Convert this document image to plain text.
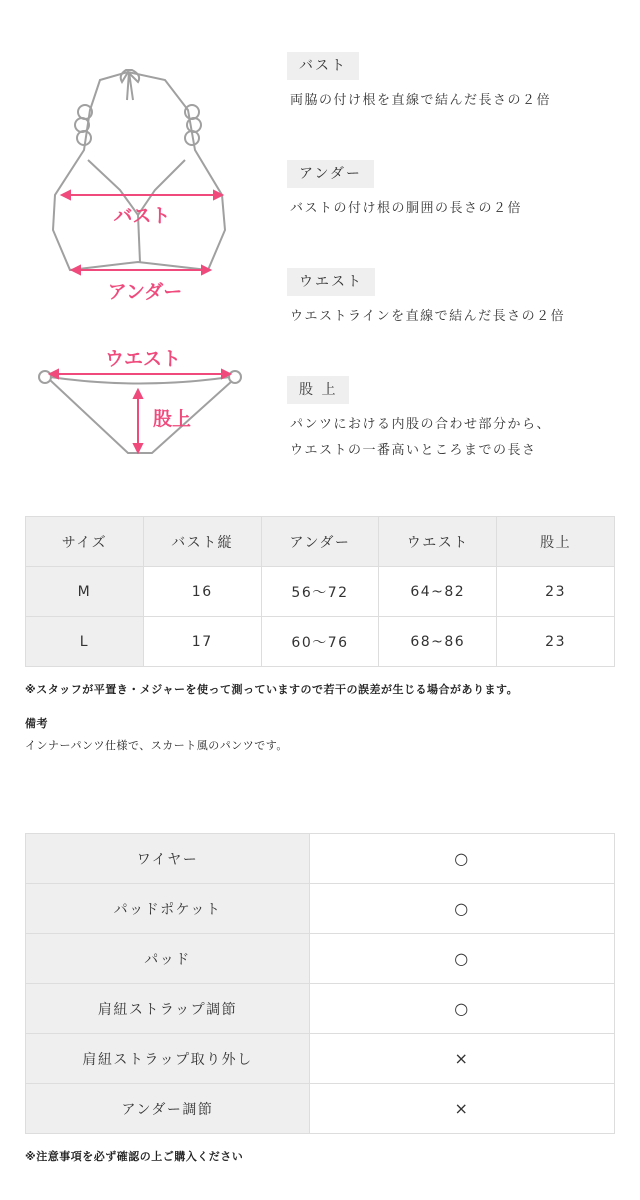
バスト
アンダー
ウエスト
股上
バスト
両脇の付け根を直線で結んだ長さの２倍
アンダー
バストの付け根の胴囲の長さの２倍
ウエスト
ウエストラインを直線で結んだ長さの２倍
股 上
パンツにおける内股の合わせ部分から、
ウエストの一番高いところまでの長さ
サイズ	バスト縦	アンダー	ウエスト	股上
M	16	56〜72	64~82	23
L	17	60〜76	68~86	23
※スタッフが平置き・メジャーを使って測っていますので若干の誤差が生じる場合があります。
備考
インナーパンツ仕様で、スカート風のパンツです。
ワイヤー	○
パッドポケット	○
パッド	○
肩紐ストラップ調節	○
肩紐ストラップ取り外し	×
アンダー調節	×
※注意事項を必ず確認の上ご購入ください
